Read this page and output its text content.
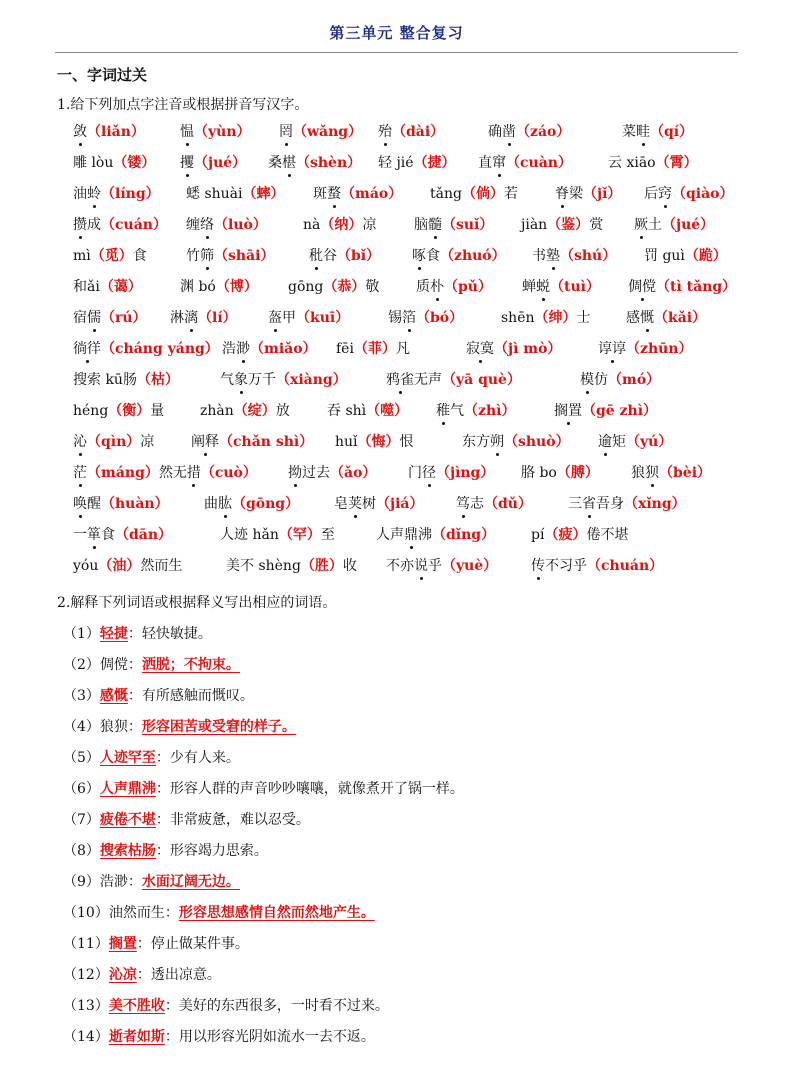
第三单元 整合复习
一、字词过关
1.给下列加点字注音或根据拼音写汉字。
敛（liǎn）	愠（yùn） 罔（wǎng） 殆（dài）	确凿（záo）	菜畦（qí）
雕 lòu（镂） 攫（jué） 桑椹（shèn） 轻 jié（捷） 直窜（cuàn）	云 xiāo（霄）
油蛉（líng） 蟋 shuài（蟀） 斑蝥（máo） tǎng（倘）若	脊梁（jǐ） 后窍（qiào）
攒成（cuán） 缠络（luò）	nà（纳）凉	脑髓（suǐ） jiàn（鉴）赏 厥土（jué）
mì（觅）食	竹筛（shāi） 秕谷（bǐ） 啄食（zhuó） 书塾（shú） 罚 guì（跪）
和ǎi（蔼）	渊 bó（博） gōng（恭）敬	质朴（pǔ） 蝉蜕（tuì） 倜傥（tì tǎng）
宿儒（rú） 淋漓（lí） 盔甲（kuī）	锡箔（bó）	shēn（绅）士	感慨（kǎi）
徜徉（cháng yáng） 浩渺（miǎo） fēi（菲）凡	寂寞（jì mò）	谆谆（zhūn）
搜索 kū肠（枯）	气象万千（xiàng）	鸦雀无声（yā què）	模仿（mó）
héng（衡）量	zhàn（绽）放	吞 shì（噬） 稚气（zhì）	搁置（gē zhì）
沁（qìn）凉	阐释（chǎn shì） huǐ（悔）恨	东方朔（shuò） 逾矩（yú）
茫（máng）然无措（cuò） 拗过去（ǎo） 门径（jìng） 胳 bo（膊） 狼狈（bèi）
唤醒（huàn）	曲肱（gōng） 皂荚树（jiá） 笃志（dǔ）	三省吾身（xǐng）
一箪食（dān）	人迹 hǎn（罕）至	人声鼎沸（dǐng）	pí（疲）倦不堪
yóu（油）然而生	美不 shèng（胜）收 不亦说乎（yuè） 传不习乎（chuán）
2.解释下列词语或根据释义写出相应的词语。
（1）轻捷：轻快敏捷。
（2）倜傥：洒脱；不拘束。
（3）感慨：有所感触而慨叹。
（4）狼狈：形容困苦或受窘的样子。
（5）人迹罕至：少有人来。
（6）人声鼎沸：形容人群的声音吵吵嚷嚷，就像煮开了锅一样。
（7）疲倦不堪：非常疲惫，难以忍受。
（8）搜索枯肠：形容竭力思索。
（9）浩渺：水面辽阔无边。
（10）油然而生：形容思想感情自然而然地产生。
（11）搁置：停止做某件事。
（12）沁凉：透出凉意。
（13）美不胜收：美好的东西很多，一时看不过来。
（14）逝者如斯：用以形容光阴如流水一去不返。
